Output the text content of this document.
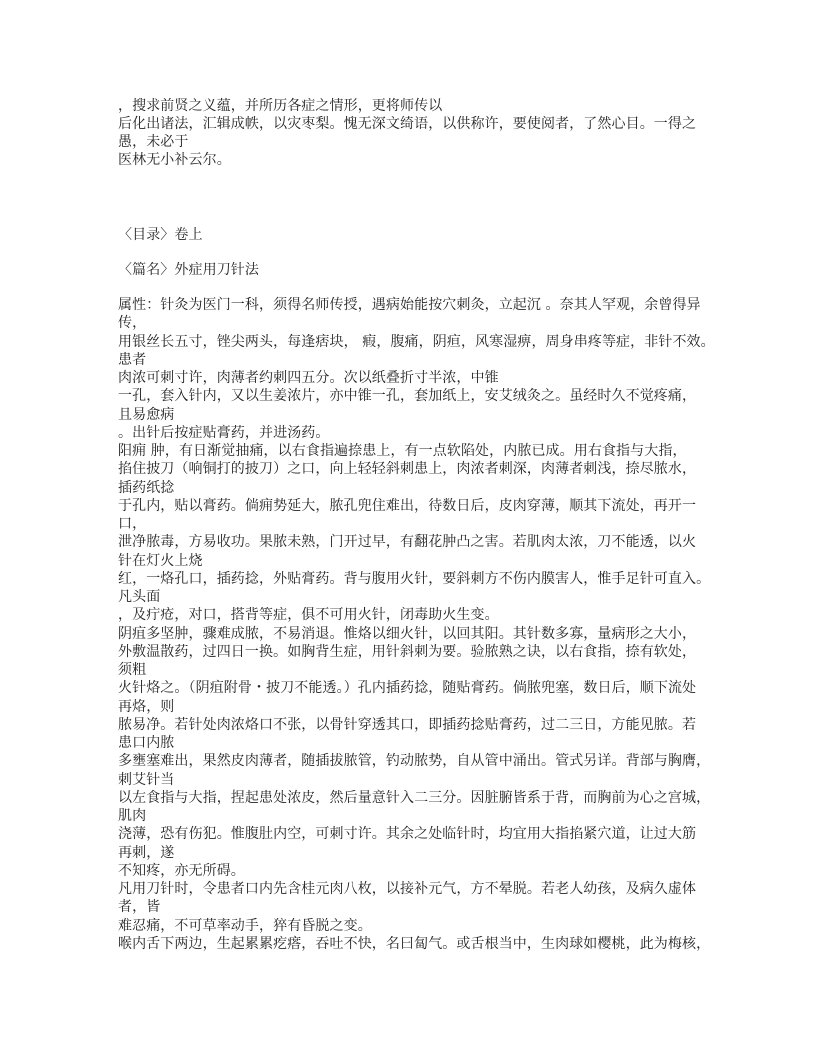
，搜求前贤之义蕴，并所历各症之情形，更将师传以
后化出诸法，汇辑成帙，以灾枣梨。愧无深文绮语，以供称许，要使阅者，了然心目。一得之
愚，未必于
医林无小补云尔。
〈目录〉卷上
〈篇名〉外症用刀针法
属性：针灸为医门一科，须得名师传授，遇病始能按穴刺灸，立起沉 。奈其人罕观，余曾得异
传，
用银丝长五寸，锉尖两头，每逢痞块， 瘕，腹痛，阴疸，风寒湿痹，周身串疼等症，非针不效。
患者
肉浓可刺寸许，肉薄者约刺四五分。次以纸叠折寸半浓，中锥
一孔，套入针内，又以生姜浓片，亦中锥一孔，套加纸上，安艾绒灸之。虽经时久不觉疼痛，
且易愈病
。出针后按症贴膏药，并进汤药。
阳痈 肿，有日渐觉抽痛，以右食指遍捺患上，有一点软陷处，内脓已成。用右食指与大指，
掐住披刀（响铜打的披刀）之口，向上轻轻斜刺患上，肉浓者刺深，肉薄者刺浅，捺尽脓水，
插药纸捻
于孔内，贴以膏药。倘痈势延大，脓孔兜住难出，待数日后，皮肉穿薄，顺其下流处，再开一
口，
泄净脓毒，方易收功。果脓未熟，门开过早，有翻花肿凸之害。若肌肉太浓，刀不能透，以火
针在灯火上烧
红，一烙孔口，插药捻，外贴膏药。背与腹用火针，要斜刺方不伤内膜害人，惟手足针可直入。
凡头面
，及疔疮，对口，搭背等症，俱不可用火针，闭毒助火生变。
阴疽多坚肿，骤难成脓，不易消退。惟烙以细火针，以回其阳。其针数多寡，量病形之大小，
外敷温散药，过四日一换。如胸背生症，用针斜刺为要。验脓熟之诀，以右食指，捺有软处，
须粗
火针烙之。（阴疽附骨・披刀不能透。）孔内插药捻，随贴膏药。倘脓兜塞，数日后，顺下流处
再烙，则
脓易净。若针处肉浓烙口不张，以骨针穿透其口，即插药捻贴膏药，过二三日，方能见脓。若
患口内脓
多壅塞难出，果然皮肉薄者，随插拔脓管，钓动脓势，自从管中涌出。管式另详。背部与胸膺，
刺艾针当
以左食指与大指，捏起患处浓皮，然后量意针入二三分。因脏腑皆系于背，而胸前为心之宫城，
肌肉
浇薄，恐有伤犯。惟腹肚内空，可刺寸许。其余之处临针时，均宜用大指掐紧穴道，让过大筋
再刺，遂
不知疼，亦无所碍。
凡用刀针时，令患者口内先含桂元肉八枚，以接补元气，方不晕脱。若老人幼孩，及病久虚体
者，皆
难忍痛，不可草率动手，猝有昏脱之变。
喉内舌下两边，生起累累疙瘩，吞吐不快，名曰匐气。或舌根当中，生肉球如樱桃，此为梅核，
